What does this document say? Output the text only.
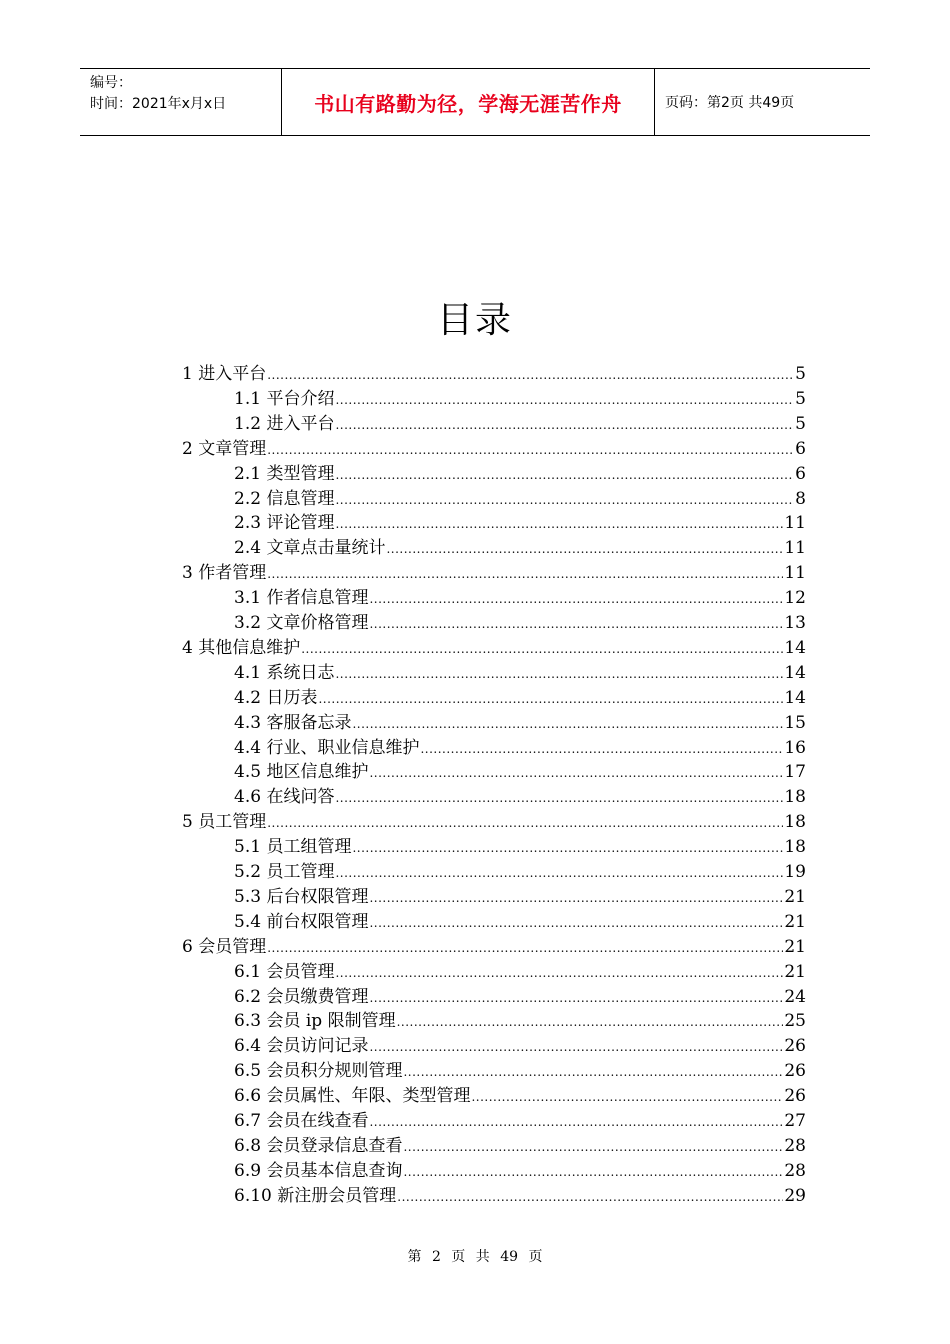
编号：
时间：2021年x月x日	书山有路勤为径，学海无涯苦作舟	页码：第2页 共49页
目录
1 进入平台 .....	5
1.1 平台介绍 .....	5
1.2 进入平台 .....	5
2 文章管理 .....	6
2.1 类型管理 .....	6
2.2 信息管理 .....	8
2.3 评论管理 .....	11
2.4 文章点击量统计 .....	11
3 作者管理 .....	11
3.1 作者信息管理 .....	12
3.2 文章价格管理 .....	13
4 其他信息维护 .....	14
4.1 系统日志 .....	14
4.2 日历表 .....	14
4.3 客服备忘录 .....	15
4.4 行业、职业信息维护 .....	16
4.5 地区信息维护 .....	17
4.6 在线问答 .....	18
5 员工管理 .....	18
5.1 员工组管理 .....	18
5.2 员工管理 .....	19
5.3 后台权限管理 .....	21
5.4 前台权限管理 .....	21
6 会员管理 .....	21
6.1 会员管理 .....	21
6.2 会员缴费管理 .....	24
6.3 会员 ip 限制管理 .....	25
6.4 会员访问记录 .....	26
6.5 会员积分规则管理 .....	26
6.6 会员属性、年限、类型管理 .....	26
6.7 会员在线查看 .....	27
6.8 会员登录信息查看 .....	28
6.9 会员基本信息查询 .....	28
6.10 新注册会员管理 .....	29
第 2 页 共 49 页
